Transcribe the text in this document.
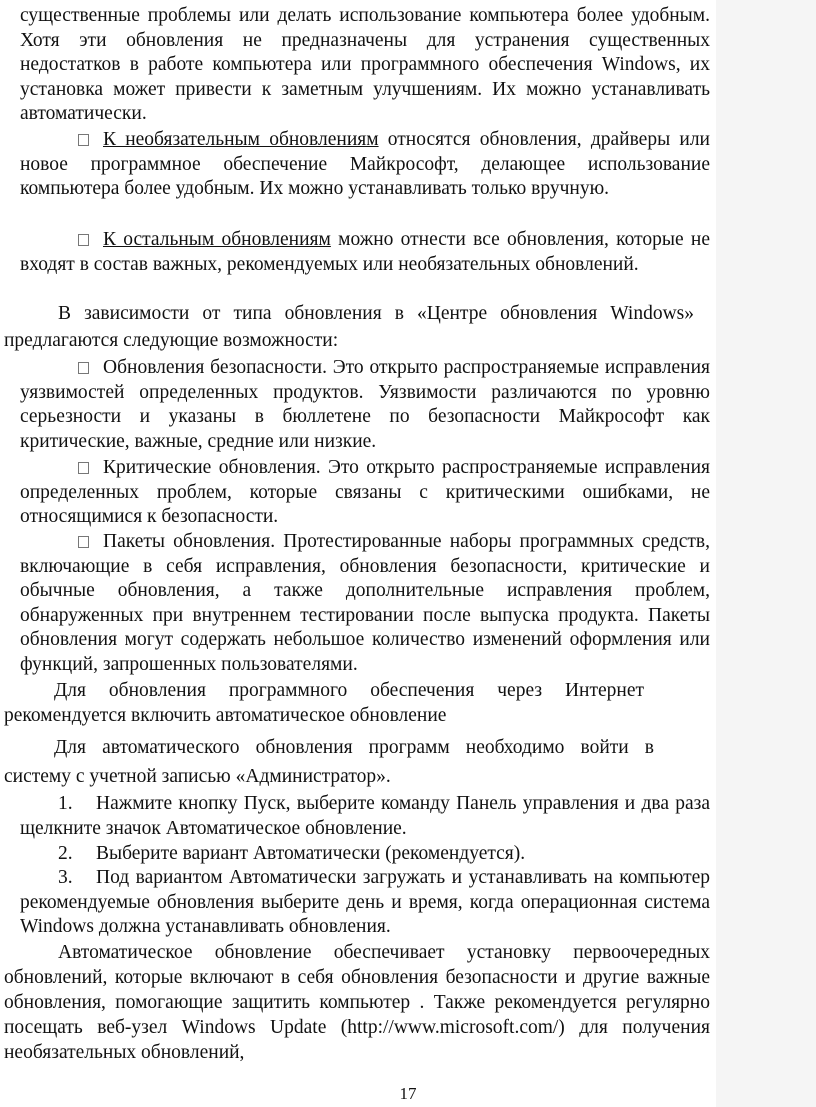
существенные проблемы или делать использование компьютера более удобным. Хотя эти обновления не предназначены для устранения существенных недостатков в работе компьютера или программного обеспечения Windows, их установка может привести к заметным улучшениям. Их можно устанавливать автоматически.

К необязательным обновлениям относятся обновления, драйверы или новое программное обеспечение Майкрософт, делающее использование компьютера более удобным. Их можно устанавливать только вручную.

К остальным обновлениям можно отнести все обновления, которые не входят в состав важных, рекомендуемых или необязательных обновлений.

В зависимости от типа обновления в «Центре обновления Windows» предлагаются следующие возможности:

Обновления безопасности. Это открыто распространяемые исправления уязвимостей определенных продуктов. Уязвимости различаются по уровню серьезности и указаны в бюллетене по безопасности Майкрософт как критические, важные, средние или низкие.

Критические обновления. Это открыто распространяемые исправления определенных проблем, которые связаны с критическими ошибками, не относящимися к безопасности.

Пакеты обновления. Протестированные наборы программных средств, включающие в себя исправления, обновления безопасности, критические и обычные обновления, а также дополнительные исправления проблем, обнаруженных при внутреннем тестировании после выпуска продукта. Пакеты обновления могут содержать небольшое количество изменений оформления или функций, запрошенных пользователями.

Для обновления программного обеспечения через Интернет рекомендуется включить автоматическое обновление

Для автоматического обновления программ необходимо войти в систему с учетной записью «Администратор».

1. Нажмите кнопку Пуск, выберите команду Панель управления и два раза щелкните значок Автоматическое обновление.

2. Выберите вариант Автоматически (рекомендуется).

3. Под вариантом Автоматически загружать и устанавливать на компьютер рекомендуемые обновления выберите день и время, когда операционная система Windows должна устанавливать обновления.

Автоматическое обновление обеспечивает установку первоочередных обновлений, которые включают в себя обновления безопасности и другие важные обновления, помогающие защитить компьютер . Также рекомендуется регулярно посещать веб-узел Windows Update (http://www.microsoft.com/) для получения необязательных обновлений,

17
